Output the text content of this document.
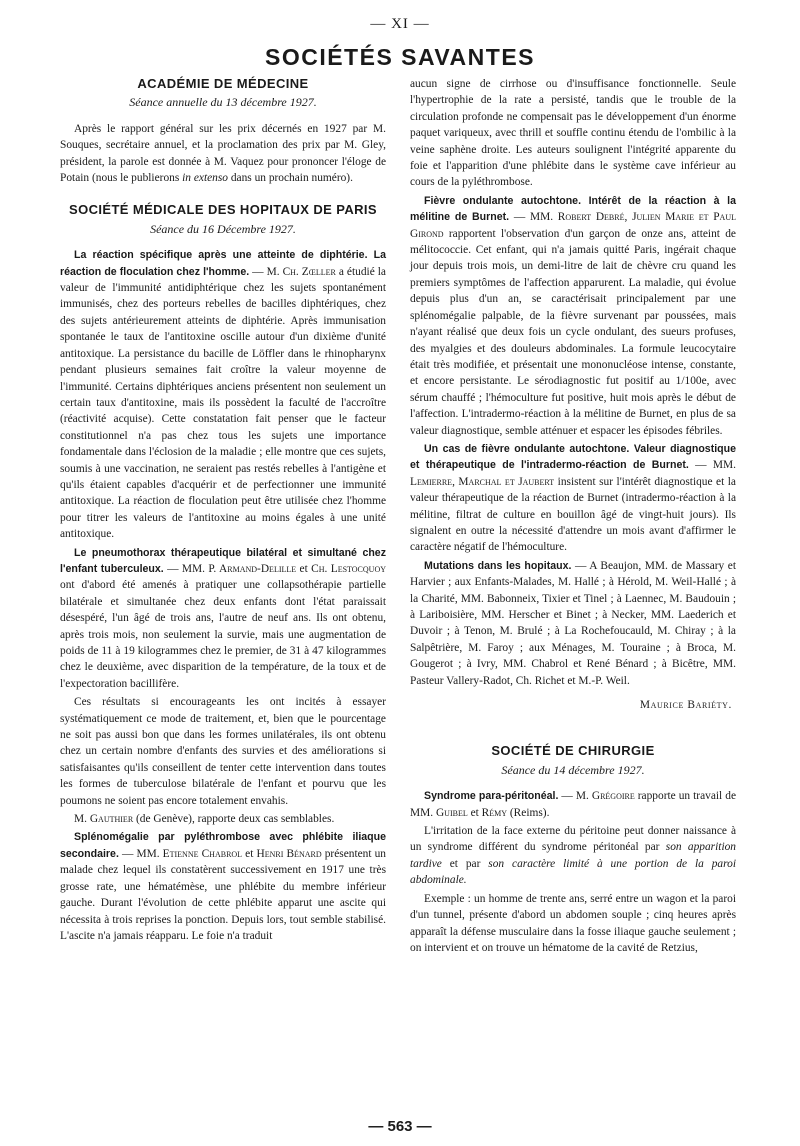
— XI —
SOCIÉTÉS SAVANTES
ACADÉMIE DE MÉDECINE
Séance annuelle du 13 décembre 1927.

Après le rapport général sur les prix décernés en 1927 par M. Souques, secrétaire annuel, et la proclamation des prix par M. Gley, président, la parole est donnée à M. Vaquez pour prononcer l'éloge de Potain (nous le publierons in extenso dans un prochain numéro).

SOCIÉTÉ MÉDICALE DES HOPITAUX DE PARIS
Séance du 16 Décembre 1927.

La réaction spécifique après une atteinte de diphtérie. La réaction de floculation chez l'homme. — M. Ch. Zœller a étudié la valeur de l'immunité antidiphtérique chez les sujets spontanément immunisés, chez des porteurs rebelles de bacilles diphtériques, chez des sujets antérieurement atteints de diphtérie. Après immunisation spontanée le taux de l'antitoxine oscille autour d'un dixième d'unité antitoxique. La persistance du bacille de Löffler dans le rhinopharynx pendant plusieurs semaines fait croître la valeur moyenne de l'immunité. Certains diphtériques anciens présentent non seulement un certain taux d'antitoxine, mais ils possèdent la faculté de l'accroître (réactivité acquise). Cette constatation fait penser que le facteur constitutionnel n'a pas chez tous les sujets une importance fondamentale dans l'éclosion de la maladie ; elle montre que ces sujets, soumis à une vaccination, ne seraient pas restés rebelles à l'antigène et qu'ils étaient capables d'acquérir et de perfectionner une immunité antitoxique. La réaction de floculation peut être utilisée chez l'homme pour titrer les valeurs de l'antitoxine au moins égales à une unité antitoxique.

Le pneumothorax thérapeutique bilatéral et simultané chez l'enfant tuberculeux. — MM. P. Armand-Delille et Ch. Lestocquoy ont d'abord été amenés à pratiquer une collapsothérapie partielle bilatérale et simultanée chez deux enfants dont l'état paraissait désespéré, l'un âgé de trois ans, l'autre de neuf ans. Ils ont obtenu, après trois mois, non seulement la survie, mais une augmentation de poids de 11 à 19 kilogrammes chez le premier, de 31 à 47 kilogrammes chez le deuxième, avec disparition de la température, de la toux et de l'expectoration bacillifère.

Ces résultats si encourageants les ont incités à essayer systématiquement ce mode de traitement, et, bien que le pourcentage ne soit pas aussi bon que dans les formes unilatérales, ils ont obtenu chez un certain nombre d'enfants des survies et des améliorations si satisfaisantes qu'ils conseillent de tenter cette intervention dans toutes les formes de tuberculose bilatérale de l'enfant et pourvu que les poumons ne soient pas encore totalement envahis.

M. Gauthier (de Genève), rapporte deux cas semblables.

Splénomégalie par pyléthrombose avec phlébite iliaque secondaire. — MM. Etienne Chabrol et Henri Bénard présentent un malade chez lequel ils constatèrent successivement en 1917 une très grosse rate, une hématémèse, une phlébite du membre inférieur gauche. Durant l'évolution de cette phlébite apparut une ascite qui nécessita à trois reprises la ponction. Depuis lors, tout semble stabilisé. L'ascite n'a jamais réapparu. Le foie n'a traduit

aucun signe de cirrhose ou d'insuffisance fonctionnelle. Seule l'hypertrophie de la rate a persisté, tandis que le trouble de la circulation profonde ne compensait pas le développement d'un énorme paquet variqueux, avec thrill et souffle continu étendu de l'ombilic à la veine saphène droite. Les auteurs soulignent l'intégrité apparente du foie et l'apparition d'une phlébite dans le système cave inférieur au cours de la pyléthrombose.

Fièvre ondulante autochtone. Intérêt de la réaction à la mélitine de Burnet. — MM. Robert Debré, Julien Marie et Paul Girond rapportent l'observation d'un garçon de onze ans, atteint de mélitococcie. Cet enfant, qui n'a jamais quitté Paris, ingérait chaque jour depuis trois mois, un demi-litre de lait de chèvre cru quand les premiers symptômes de l'affection apparurent. La maladie, qui évolue depuis plus d'un an, se caractérisait principalement par une splénomégalie palpable, de la fièvre survenant par poussées, mais n'ayant réalisé que deux fois un cycle ondulant, des sueurs profuses, des myalgies et des douleurs abdominales. La formule leucocytaire était très modifiée, et présentait une mononucléose intense, constante, et encore persistante. Le sérodiagnostic fut positif au 1/100e, avec sérum chauffé ; l'hémoculture fut positive, huit mois après le début de l'affection. L'intradermo-réaction à la mélitine de Burnet, en plus de sa valeur diagnostique, semble atténuer et espacer les épisodes fébriles.

Un cas de fièvre ondulante autochtone. Valeur diagnostique et thérapeutique de l'intradermo-réaction de Burnet. — MM. Lemierre, Marchal et Jaubert insistent sur l'intérêt diagnostique et la valeur thérapeutique de la réaction de Burnet (intradermo-réaction à la mélitine, filtrat de culture en bouillon âgé de vingt-huit jours). Ils signalent en outre la nécessité d'attendre un mois avant d'affirmer le caractère négatif de l'hémoculture.

Mutations dans les hopitaux. — A Beaujon, MM. de Massary et Harvier ; aux Enfants-Malades, M. Hallé ; à Hérold, M. Weil-Hallé ; à la Charité, MM. Babonneix, Tixier et Tinel ; à Laennec, M. Baudouin ; à Lariboisière, MM. Herscher et Binet ; à Necker, MM. Laederich et Duvoir ; à Tenon, M. Brulé ; à La Rochefoucauld, M. Chiray ; à la Salpêtrière, M. Faroy ; aux Ménages, M. Touraine ; à Broca, M. Gougerot ; à Ivry, MM. Chabrol et René Bénard ; à Bicêtre, MM. Pasteur Vallery-Radot, Ch. Richet et M.-P. Weil.

Maurice Bariéty.
SOCIÉTÉ DE CHIRURGIE
Séance du 14 décembre 1927.

Syndrome para-péritonéal. — M. Grégoire rapporte un travail de MM. Guibel et Rémy (Reims).

L'irritation de la face externe du péritoine peut donner naissance à un syndrome différent du syndrome péritonéal par son apparition tardive et par son caractère limité à une portion de la paroi abdominale.

Exemple : un homme de trente ans, serré entre un wagon et la paroi d'un tunnel, présente d'abord un abdomen souple ; cinq heures après apparaît la défense musculaire dans la fosse iliaque gauche seulement ; on intervient et on trouve un hématome de la cavité de Retzius,

— 563 —
